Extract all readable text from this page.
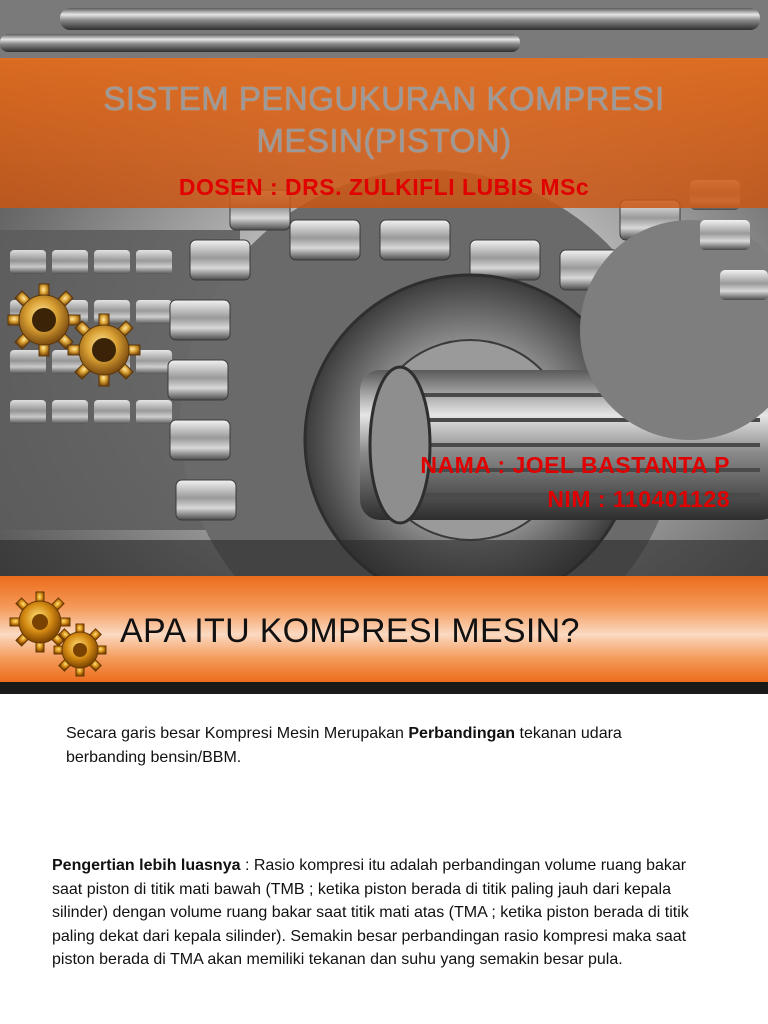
SISTEM PENGUKURAN KOMPRESI
MESIN(PISTON)
DOSEN : DRS. ZULKIFLI LUBIS MSc
NAMA : JOEL BASTANTA P
NIM : 110401128
APA ITU KOMPRESI MESIN?
Secara garis besar Kompresi Mesin Merupakan Perbandingan tekanan udara berbanding bensin/BBM.
Pengertian lebih luasnya : Rasio kompresi itu adalah perbandingan volume ruang bakar saat piston di titik mati bawah (TMB ; ketika piston berada di titik paling jauh dari kepala silinder) dengan volume ruang bakar saat titik mati atas (TMA ; ketika piston berada di titik paling dekat dari kepala silinder). Semakin besar perbandingan rasio kompresi maka saat piston berada di TMA akan memiliki tekanan dan suhu yang semakin besar pula.
